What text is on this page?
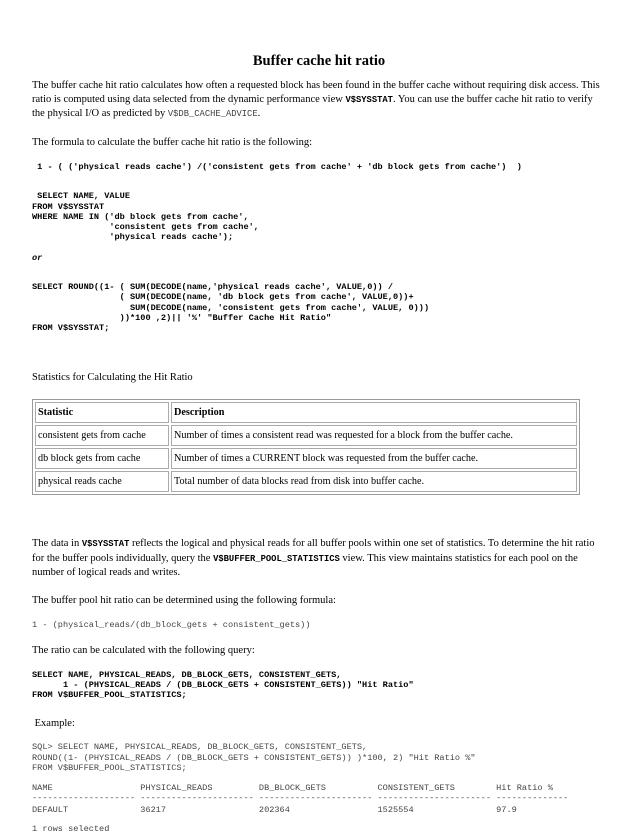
Buffer cache hit ratio

The buffer cache hit ratio calculates how often a requested block has been found in the buffer cache without requiring disk access. This ratio is computed using data selected from the dynamic performance view V$SYSSTAT. You can use the buffer cache hit ratio to verify the physical I/O as predicted by V$DB_CACHE_ADVICE.

The formula to calculate the buffer cache hit ratio is the following:

1 - ( ('physical reads cache') /('consistent gets from cache' + 'db block gets from cache')  )
SELECT NAME, VALUE
FROM V$SYSSTAT
WHERE NAME IN ('db block gets from cache',
'consistent gets from cache',
'physical reads cache');
or
SELECT ROUND((1- ( SUM(DECODE(name,'physical reads cache', VALUE,0)) /
( SUM(DECODE(name, 'db block gets from cache', VALUE,0))+
SUM(DECODE(name, 'consistent gets from cache', VALUE, 0)))
))*100 ,2)|| '%' "Buffer Cache Hit Ratio"
FROM V$SYSSTAT;

Statistics for Calculating the Hit Ratio

Statistic	Description
consistent gets from cache	Number of times a consistent read was requested for a block from the buffer cache.
db block gets from cache	Number of times a CURRENT block was requested from the buffer cache.
physical reads cache	Total number of data blocks read from disk into buffer cache.

The data in V$SYSSTAT reflects the logical and physical reads for all buffer pools within one set of statistics. To determine the hit ratio for the buffer pools individually, query the V$BUFFER_POOL_STATISTICS view. This view maintains statistics for each pool on the number of logical reads and writes.

The buffer pool hit ratio can be determined using the following formula:

1 - (physical_reads/(db_block_gets + consistent_gets))

The ratio can be calculated with the following query:

SELECT NAME, PHYSICAL_READS, DB_BLOCK_GETS, CONSISTENT_GETS,
1 - (PHYSICAL_READS / (DB_BLOCK_GETS + CONSISTENT_GETS)) "Hit Ratio"
FROM V$BUFFER_POOL_STATISTICS;

Example:

SQL> SELECT NAME, PHYSICAL_READS, DB_BLOCK_GETS, CONSISTENT_GETS,
ROUND((1- (PHYSICAL_READS / (DB_BLOCK_GETS + CONSISTENT_GETS)) )*100, 2) "Hit Ratio %"
FROM V$BUFFER_POOL_STATISTICS;
NAME                 PHYSICAL_READS         DB_BLOCK_GETS          CONSISTENT_GETS        Hit Ratio %
-------------------- ---------------------- ---------------------- ---------------------- --------------
DEFAULT              36217                  202364                 1525554                97.9
1 rows selected
